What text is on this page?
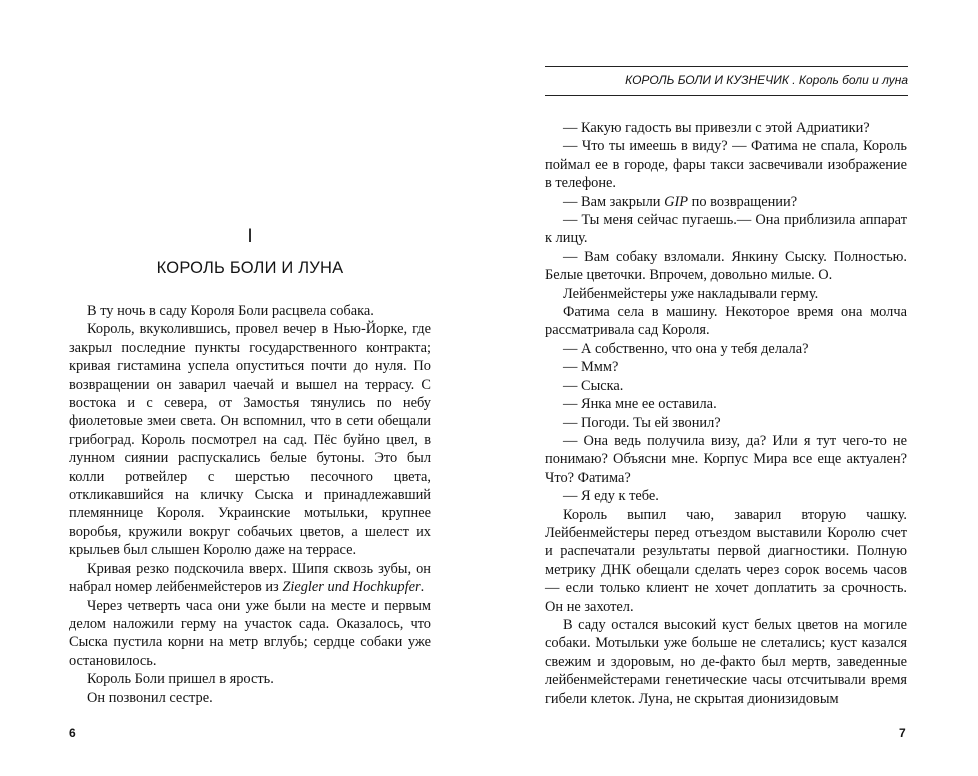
I
КОРОЛЬ БОЛИ И ЛУНА

В ту ночь в саду Короля Боли расцвела собака.

Король, вкуколившись, провел вечер в Нью-Йорке, где закрыл последние пункты государственного контракта; кривая гистамина успела опуститься почти до нуля. По возвращении он заварил чаечай и вышел на террасу. С востока и с севера, от Замостья тянулись по небу фиолетовые змеи света. Он вспомнил, что в сети обещали грибоград. Король посмотрел на сад. Пёс буйно цвел, в лунном сиянии распускались белые бутоны. Это был колли ротвейлер с шерстью песочного цвета, откликавшийся на кличку Сыска и принадлежавший племяннице Короля. Украинские мотыльки, крупнее воробья, кружили вокруг собачьих цветов, а шелест их крыльев был слышен Королю даже на террасе.

Кривая резко подскочила вверх. Шипя сквозь зубы, он набрал номер лейбенмейстеров из Ziegler und Hochkupfer.

Через четверть часа они уже были на месте и первым делом наложили герму на участок сада. Оказалось, что Сыска пустила корни на метр вглубь; сердце собаки уже остановилось.

Король Боли пришел в ярость.

Он позвонил сестре.

6
КОРОЛЬ БОЛИ И КУЗНЕЧИК . Король боли и луна

— Какую гадость вы привезли с этой Адриатики?

— Что ты имеешь в виду? — Фатима не спала, Король поймал ее в городе, фары такси засвечивали изображение в телефоне.

— Вам закрыли GIP по возвращении?

— Ты меня сейчас пугаешь.— Она приблизила аппарат к лицу.

— Вам собаку взломали. Янкину Сыску. Полностью. Белые цветочки. Впрочем, довольно милые. О.

Лейбенмейстеры уже накладывали герму.

Фатима села в машину. Некоторое время она молча рассматривала сад Короля.

— А собственно, что она у тебя делала?

— Ммм?

— Сыска.

— Янка мне ее оставила.

— Погоди. Ты ей звонил?

— Она ведь получила визу, да? Или я тут чего-то не понимаю? Объясни мне. Корпус Мира все еще актуален? Что? Фатима?

— Я еду к тебе.

Король выпил чаю, заварил вторую чашку. Лейбенмейстеры перед отъездом выставили Королю счет и распечатали результаты первой диагностики. Полную метрику ДНК обещали сделать через сорок восемь часов — если только клиент не хочет доплатить за срочность. Он не захотел.

В саду остался высокий куст белых цветов на могиле собаки. Мотыльки уже больше не слетались; куст казался свежим и здоровым, но де-факто был мертв, заведенные лейбенмейстерами генетические часы отсчитывали время гибели клеток. Луна, не скрытая дионизидовым

7
